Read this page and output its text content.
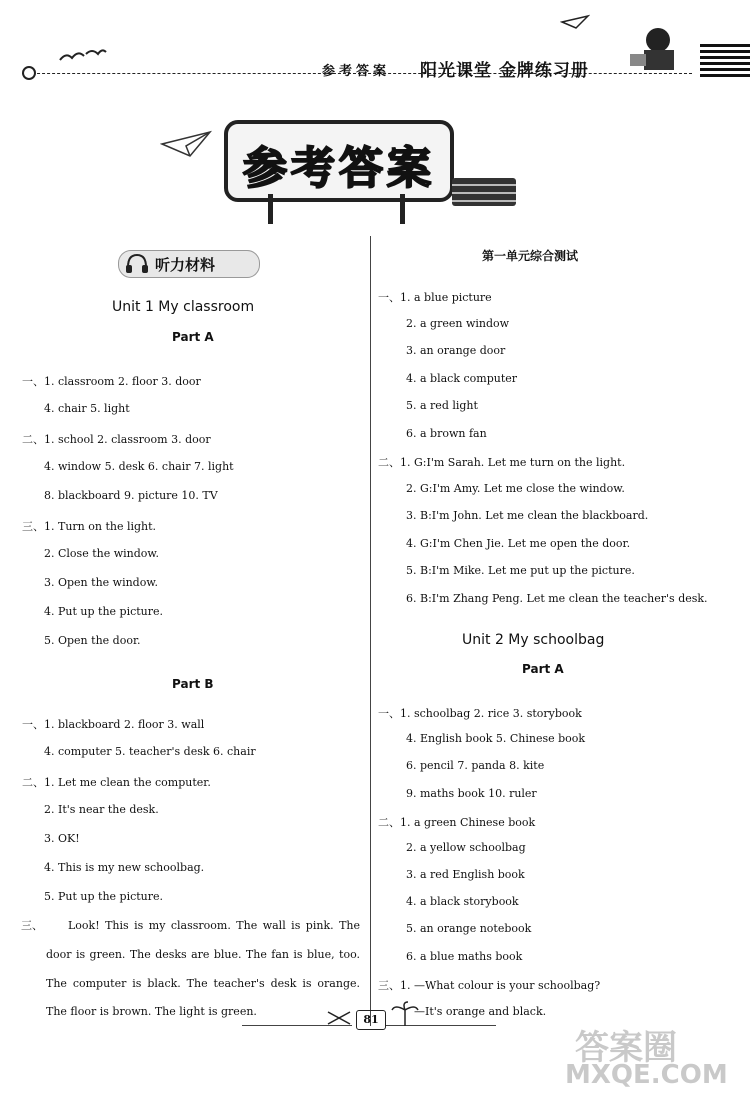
参考答案 阳光课堂 金牌练习册
参考答案
听力材料
Unit 1 My classroom
Part A
一、1. classroom 2. floor 3. door
4. chair 5. light
二、1. school 2. classroom 3. door
4. window 5. desk 6. chair 7. light
8. blackboard 9. picture 10. TV
三、1. Turn on the light.
2. Close the window.
3. Open the window.
4. Put up the picture.
5. Open the door.
Part B
一、1. blackboard 2. floor 3. wall
4. computer 5. teacher's desk 6. chair
二、1. Let me clean the computer.
2. It's near the desk.
3. OK!
4. This is my new schoolbag.
5. Put up the picture.
三、 Look! This is my classroom. The wall is pink. The door is green. The desks are blue. The fan is blue, too. The computer is black. The teacher's desk is orange. The floor is brown. The light is green.
第一单元综合测试
一、1. a blue picture
2. a green window
3. an orange door
4. a black computer
5. a red light
6. a brown fan
二、1. G:I'm Sarah. Let me turn on the light.
2. G:I'm Amy. Let me close the window.
3. B:I'm John. Let me clean the blackboard.
4. G:I'm Chen Jie. Let me open the door.
5. B:I'm Mike. Let me put up the picture.
6. B:I'm Zhang Peng. Let me clean the teacher's desk.
Unit 2 My schoolbag
Part A
一、1. schoolbag 2. rice 3. storybook
4. English book 5. Chinese book
6. pencil 7. panda 8. kite
9. maths book 10. ruler
二、1. a green Chinese book
2. a yellow schoolbag
3. a red English book
4. a black storybook
5. an orange notebook
6. a blue maths book
三、1. —What colour is your schoolbag?
—It's orange and black.
81
答案圈
MXQE.COM
